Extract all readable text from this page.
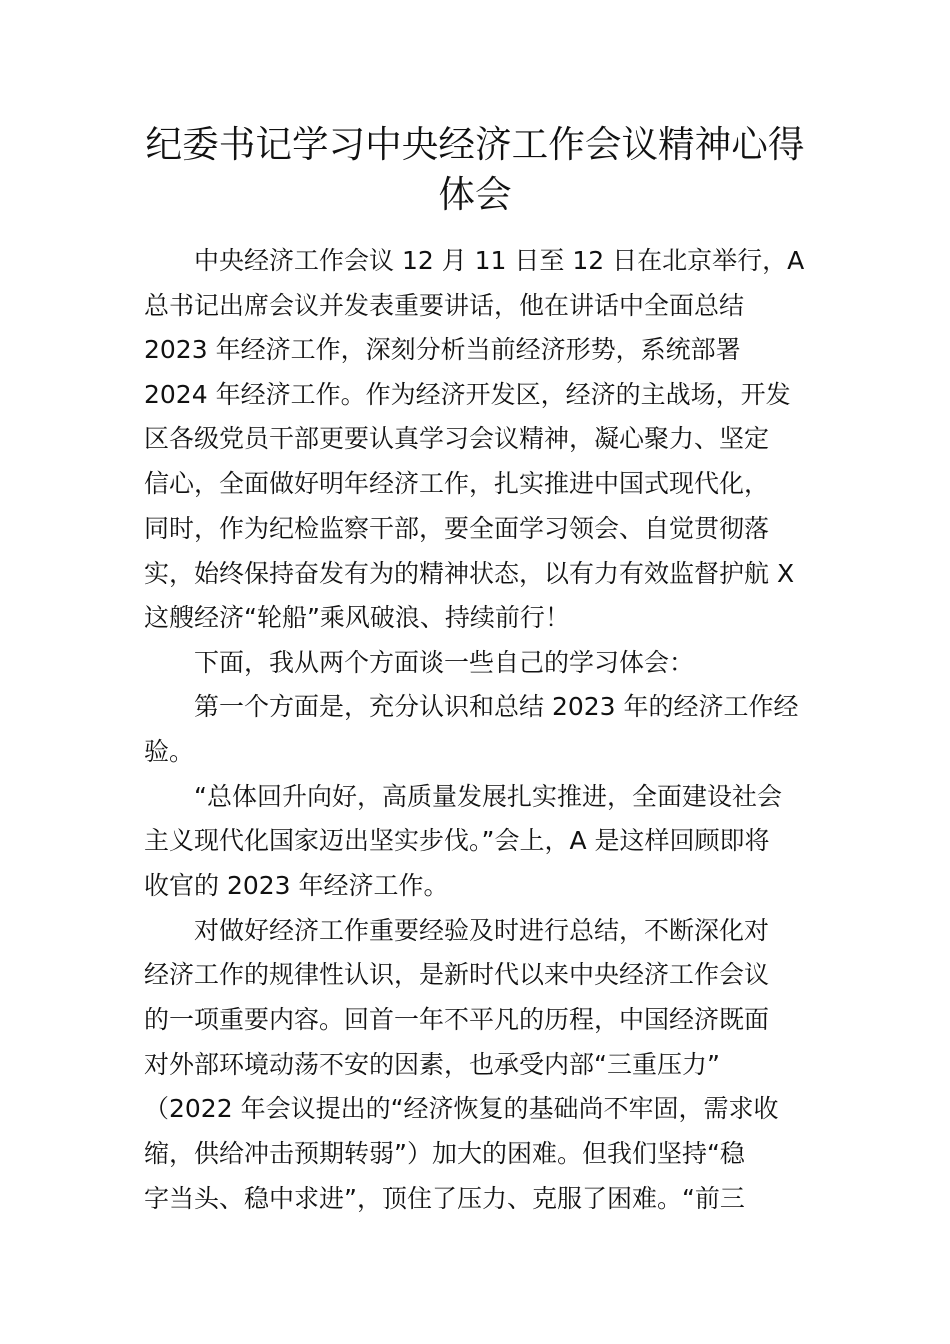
纪委书记学习中央经济工作会议精神心得
体会
中央经济工作会议 12 月 11 日至 12 日在北京举行，A
总书记出席会议并发表重要讲话，他在讲话中全面总结
2023 年经济工作，深刻分析当前经济形势，系统部署
2024 年经济工作。作为经济开发区，经济的主战场，开发
区各级党员干部更要认真学习会议精神，凝心聚力、坚定
信心，全面做好明年经济工作，扎实推进中国式现代化，
同时，作为纪检监察干部，要全面学习领会、自觉贯彻落
实，始终保持奋发有为的精神状态，以有力有效监督护航 X
这艘经济“轮船”乘风破浪、持续前行！
下面，我从两个方面谈一些自己的学习体会：
第一个方面是，充分认识和总结 2023 年的经济工作经
验。
“总体回升向好，高质量发展扎实推进，全面建设社会
主义现代化国家迈出坚实步伐。”会上，A 是这样回顾即将
收官的 2023 年经济工作。
对做好经济工作重要经验及时进行总结，不断深化对
经济工作的规律性认识，是新时代以来中央经济工作会议
的一项重要内容。回首一年不平凡的历程，中国经济既面
对外部环境动荡不安的因素，也承受内部“三重压力”
（2022 年会议提出的“经济恢复的基础尚不牢固，需求收
缩，供给冲击预期转弱”）加大的困难。但我们坚持“稳
字当头、稳中求进”，顶住了压力、克服了困难。“前三
